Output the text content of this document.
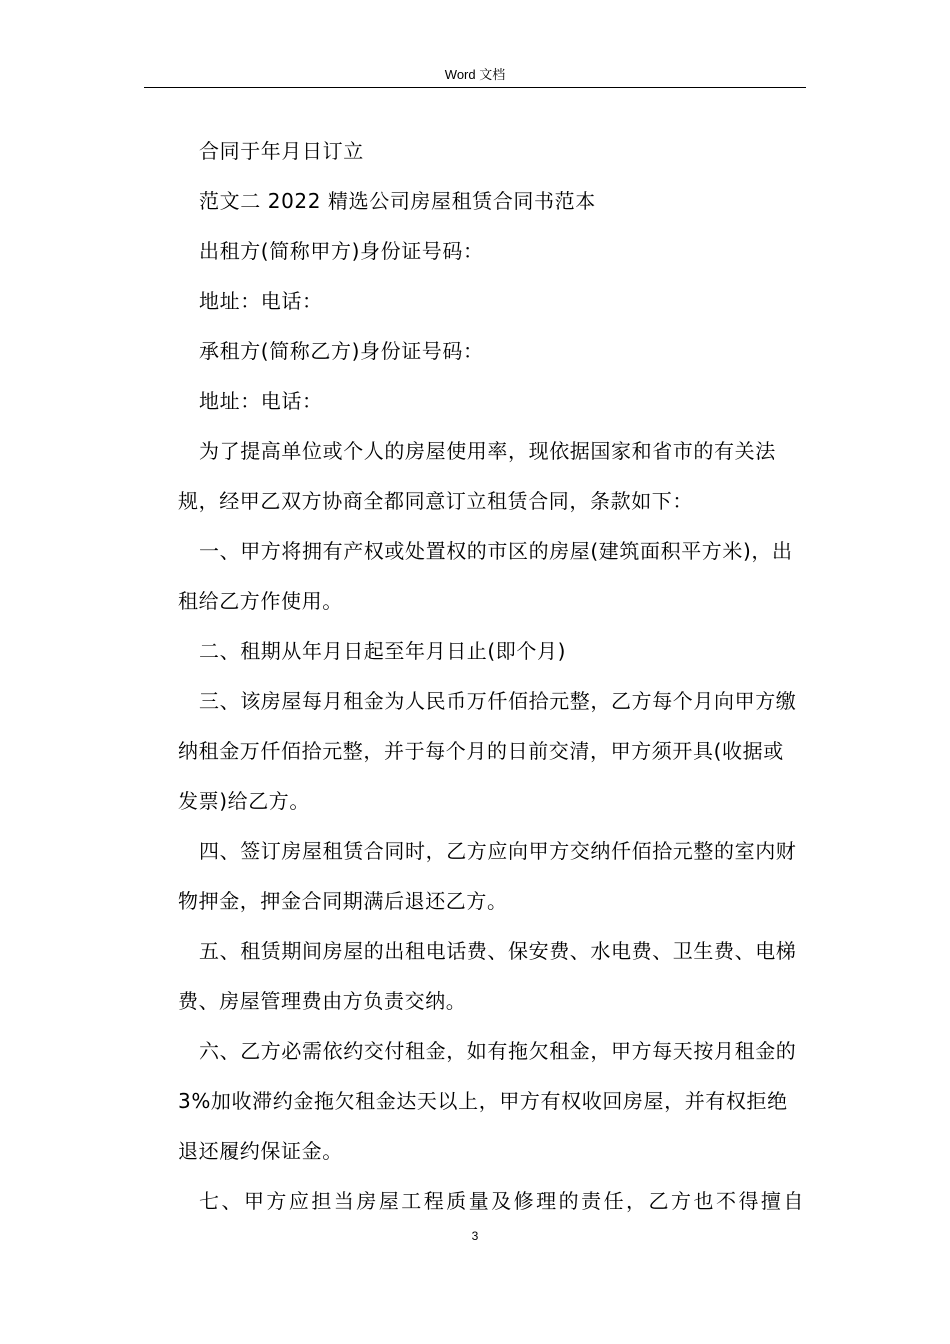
Word 文档

合同于年月日订立

范文二 2022 精选公司房屋租赁合同书范本

出租方(简称甲方)身份证号码：

地址：电话：

承租方(简称乙方)身份证号码：

地址：电话：

为了提高单位或个人的房屋使用率，现依据国家和省市的有关法规，经甲乙双方协商全都同意订立租赁合同，条款如下：

一、甲方将拥有产权或处置权的市区的房屋(建筑面积平方米)，出租给乙方作使用。

二、租期从年月日起至年月日止(即个月)

三、该房屋每月租金为人民币万仟佰拾元整，乙方每个月向甲方缴纳租金万仟佰拾元整，并于每个月的日前交清，甲方须开具(收据或发票)给乙方。

四、签订房屋租赁合同时，乙方应向甲方交纳仟佰拾元整的室内财物押金，押金合同期满后退还乙方。

五、租赁期间房屋的出租电话费、保安费、水电费、卫生费、电梯费、房屋管理费由方负责交纳。

六、乙方必需依约交付租金，如有拖欠租金，甲方每天按月租金的 3%加收滞约金拖欠租金达天以上，甲方有权收回房屋，并有权拒绝退还履约保证金。

七、甲方应担当房屋工程质量及修理的责任，乙方也不得擅自

3
